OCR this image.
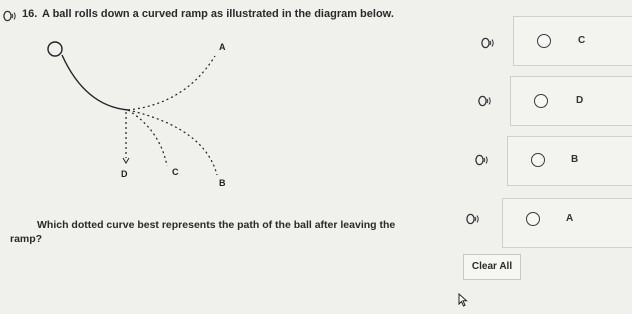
16. A ball rolls down a curved ramp as illustrated in the diagram below.
A
B
C
D
Which dotted curve best represents the path of the ball after leaving the
ramp?
C
D
B
A
Clear All
